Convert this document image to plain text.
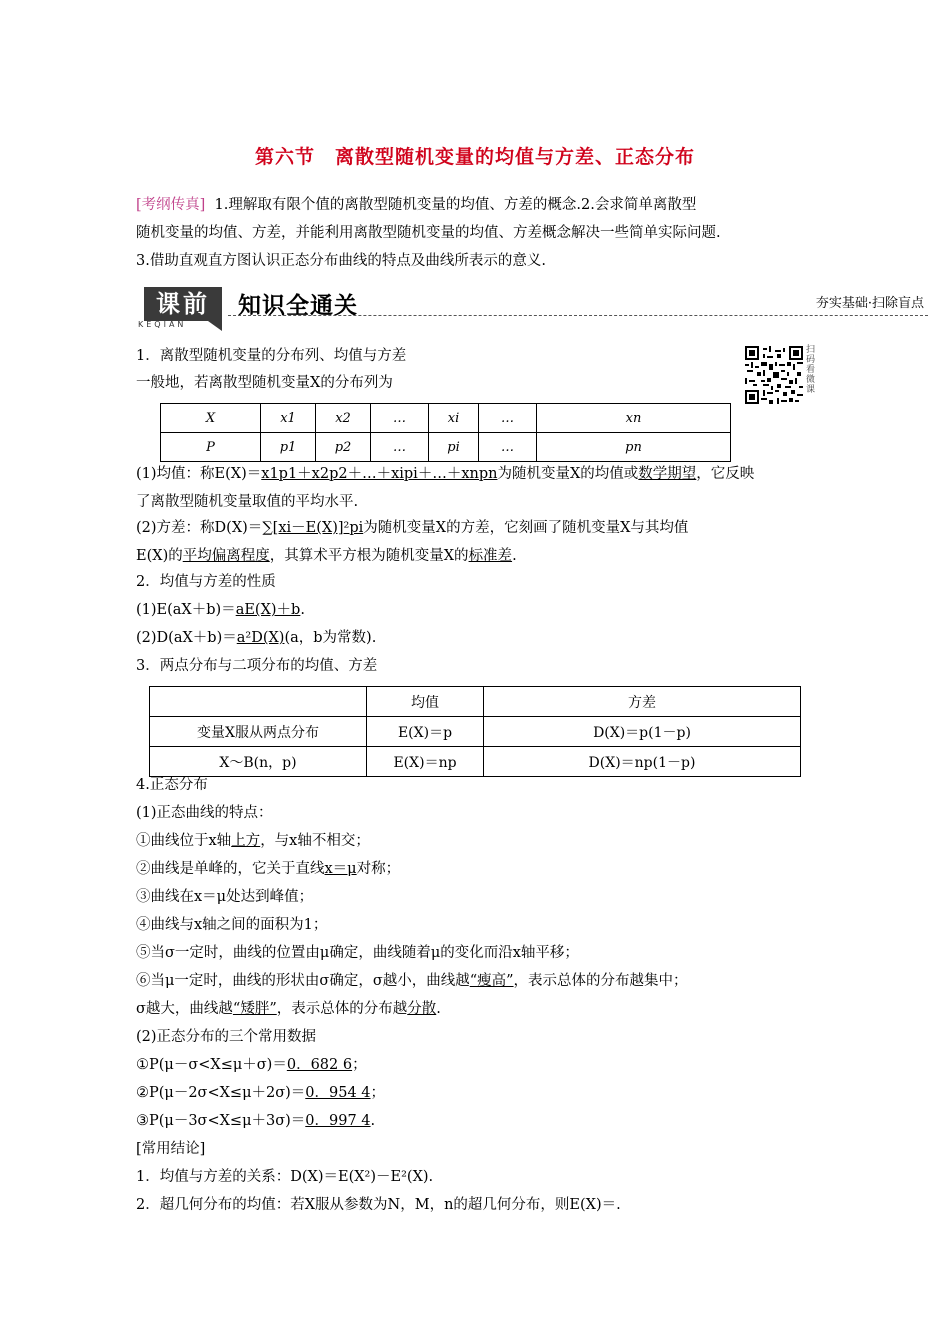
第六节　离散型随机变量的均值与方差、正态分布
[考纲传真] 1.理解取有限个值的离散型随机变量的均值、方差的概念.2.会求简单离散型
随机变量的均值、方差，并能利用离散型随机变量的均值、方差概念解决一些简单实际问题.
3.借助直观直方图认识正态分布曲线的特点及曲线所表示的意义.
课前
KEQIAN
知识全通关	夯实基础·扫除盲点
扫码看微课
1．离散型随机变量的分布列、均值与方差
一般地，若离散型随机变量X的分布列为
X	x1	x2	…	xi	…	xn
P	p1	p2	…	pi	…	pn
(1)均值：称E(X)＝x1p1＋x2p2＋…＋xipi＋…＋xnpn为随机变量X的均值或数学期望，它反映
了离散型随机变量取值的平均水平.
(2)方差：称D(X)＝∑[xi－E(X)]²pi为随机变量X的方差，它刻画了随机变量X与其均值
E(X)的平均偏离程度，其算术平方根为随机变量X的标准差.
2．均值与方差的性质
(1)E(aX＋b)＝aE(X)＋b.
(2)D(aX＋b)＝a²D(X)(a，b为常数).
3．两点分布与二项分布的均值、方差
	均值	方差
变量X服从两点分布	E(X)＝p	D(X)＝p(1－p)
X～B(n，p)	E(X)＝np	D(X)＝np(1－p)
4.正态分布
(1)正态曲线的特点：
①曲线位于x轴上方，与x轴不相交；
②曲线是单峰的，它关于直线x＝μ对称；
③曲线在x＝μ处达到峰值；
④曲线与x轴之间的面积为1；
⑤当σ一定时，曲线的位置由μ确定，曲线随着μ的变化而沿x轴平移；
⑥当μ一定时，曲线的形状由σ确定，σ越小，曲线越“瘦高”，表示总体的分布越集中；
σ越大，曲线越“矮胖”，表示总体的分布越分散.
(2)正态分布的三个常用数据
①P(μ－σ<X≤μ＋σ)＝0．682 6；
②P(μ－2σ<X≤μ＋2σ)＝0．954 4；
③P(μ－3σ<X≤μ＋3σ)＝0．997 4.
[常用结论]
1．均值与方差的关系：D(X)＝E(X²)－E²(X).
2．超几何分布的均值：若X服从参数为N，M，n的超几何分布，则E(X)＝.
